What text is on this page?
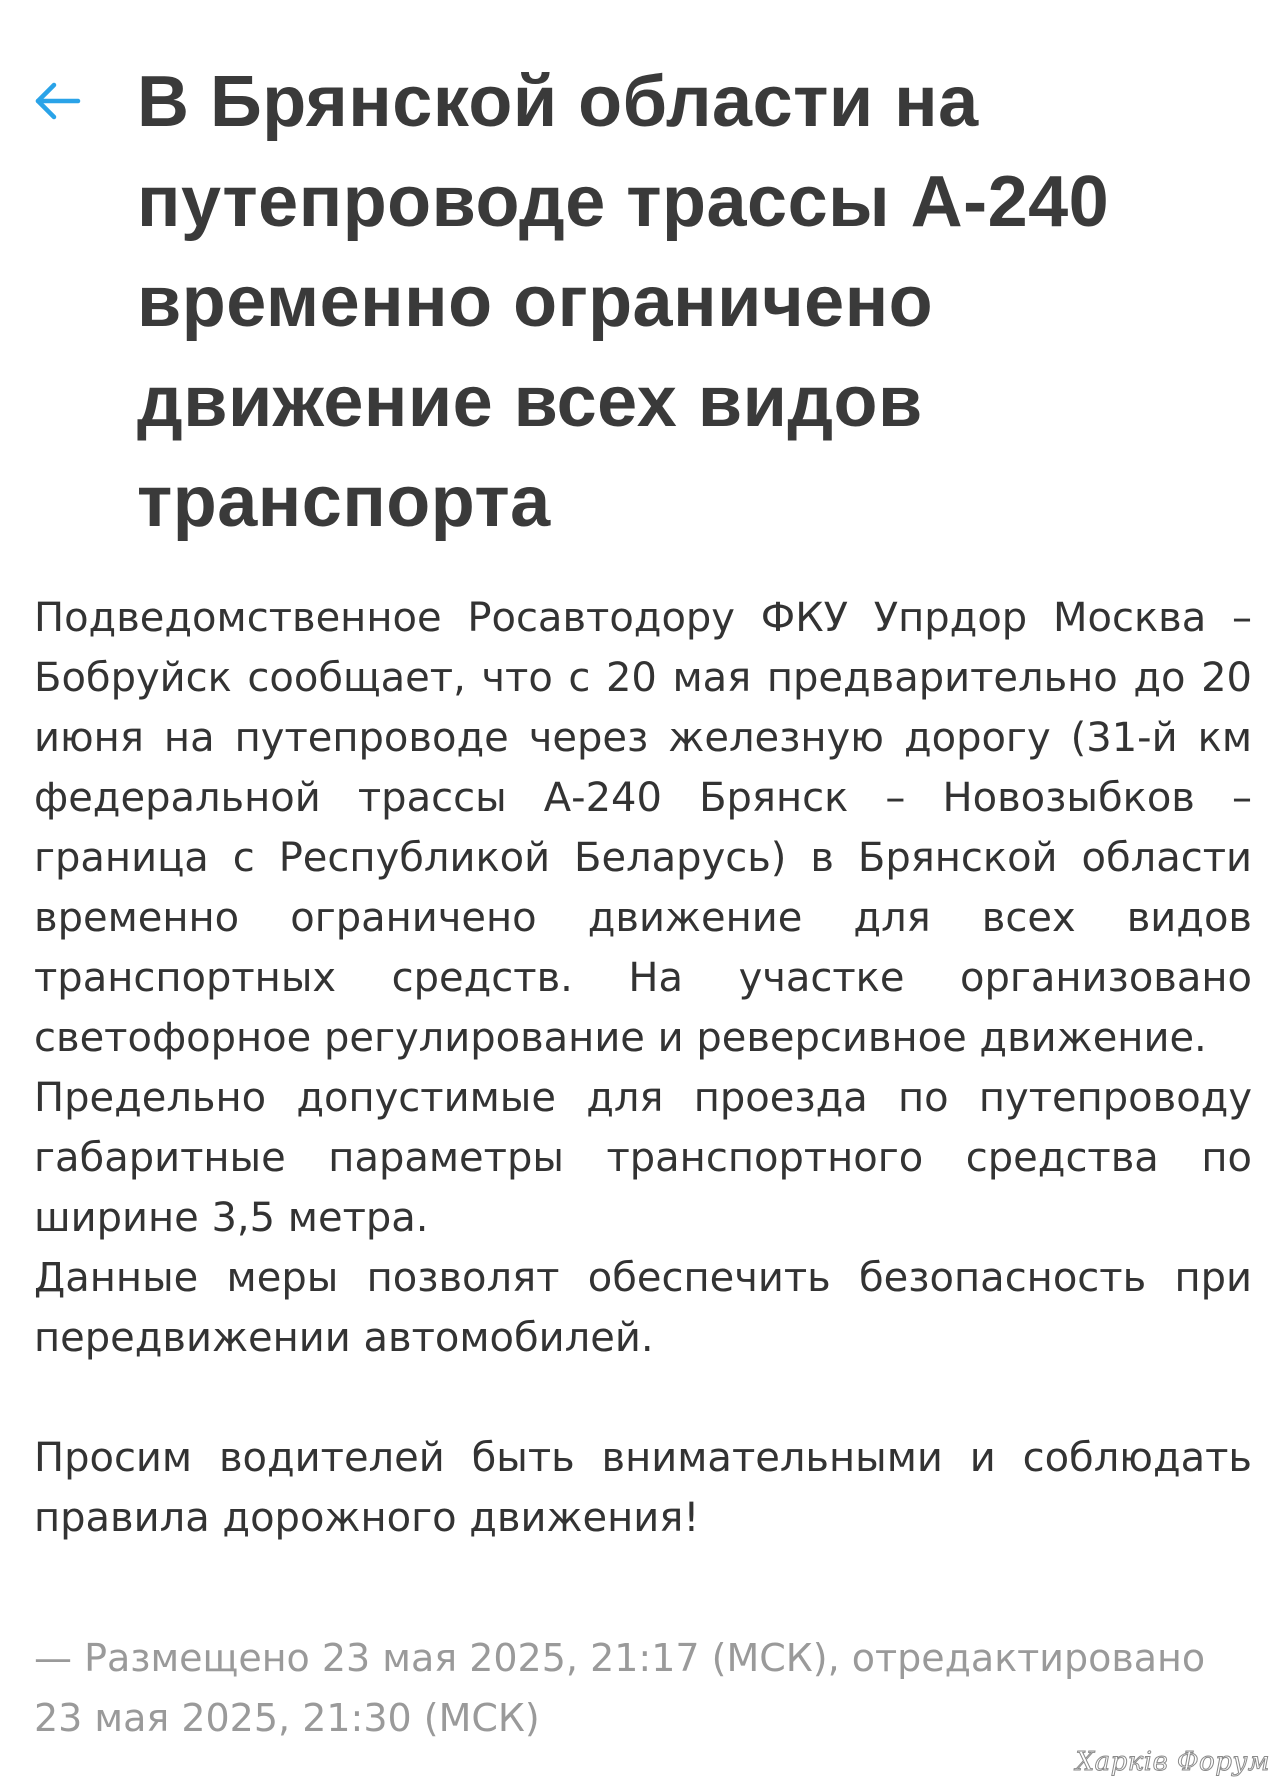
В Брянской области на путепроводе трассы А-240 временно ограничено движение всех видов транспорта

Подведомственное Росавтодору ФКУ Упрдор Москва – Бобруйск сообщает, что с 20 мая предварительно до 20 июня на путепроводе через железную дорогу (31-й км федеральной трассы А-240 Брянск – Новозыбков – граница с Республикой Беларусь) в Брянской области временно ограничено движение для всех видов транспортных средств. На участке организовано светофорное регулирование и реверсивное движение.

Предельно допустимые для проезда по путепроводу габаритные параметры транспортного средства по ширине 3,5 метра.

Данные меры позволят обеспечить безопасность при передвижении автомобилей.

Просим водителей быть внимательными и соблюдать правила дорожного движения!

— Размещено 23 мая 2025, 21:17 (МСК), отредактировано 23 мая 2025, 21:30 (МСК)

Харків Форум
